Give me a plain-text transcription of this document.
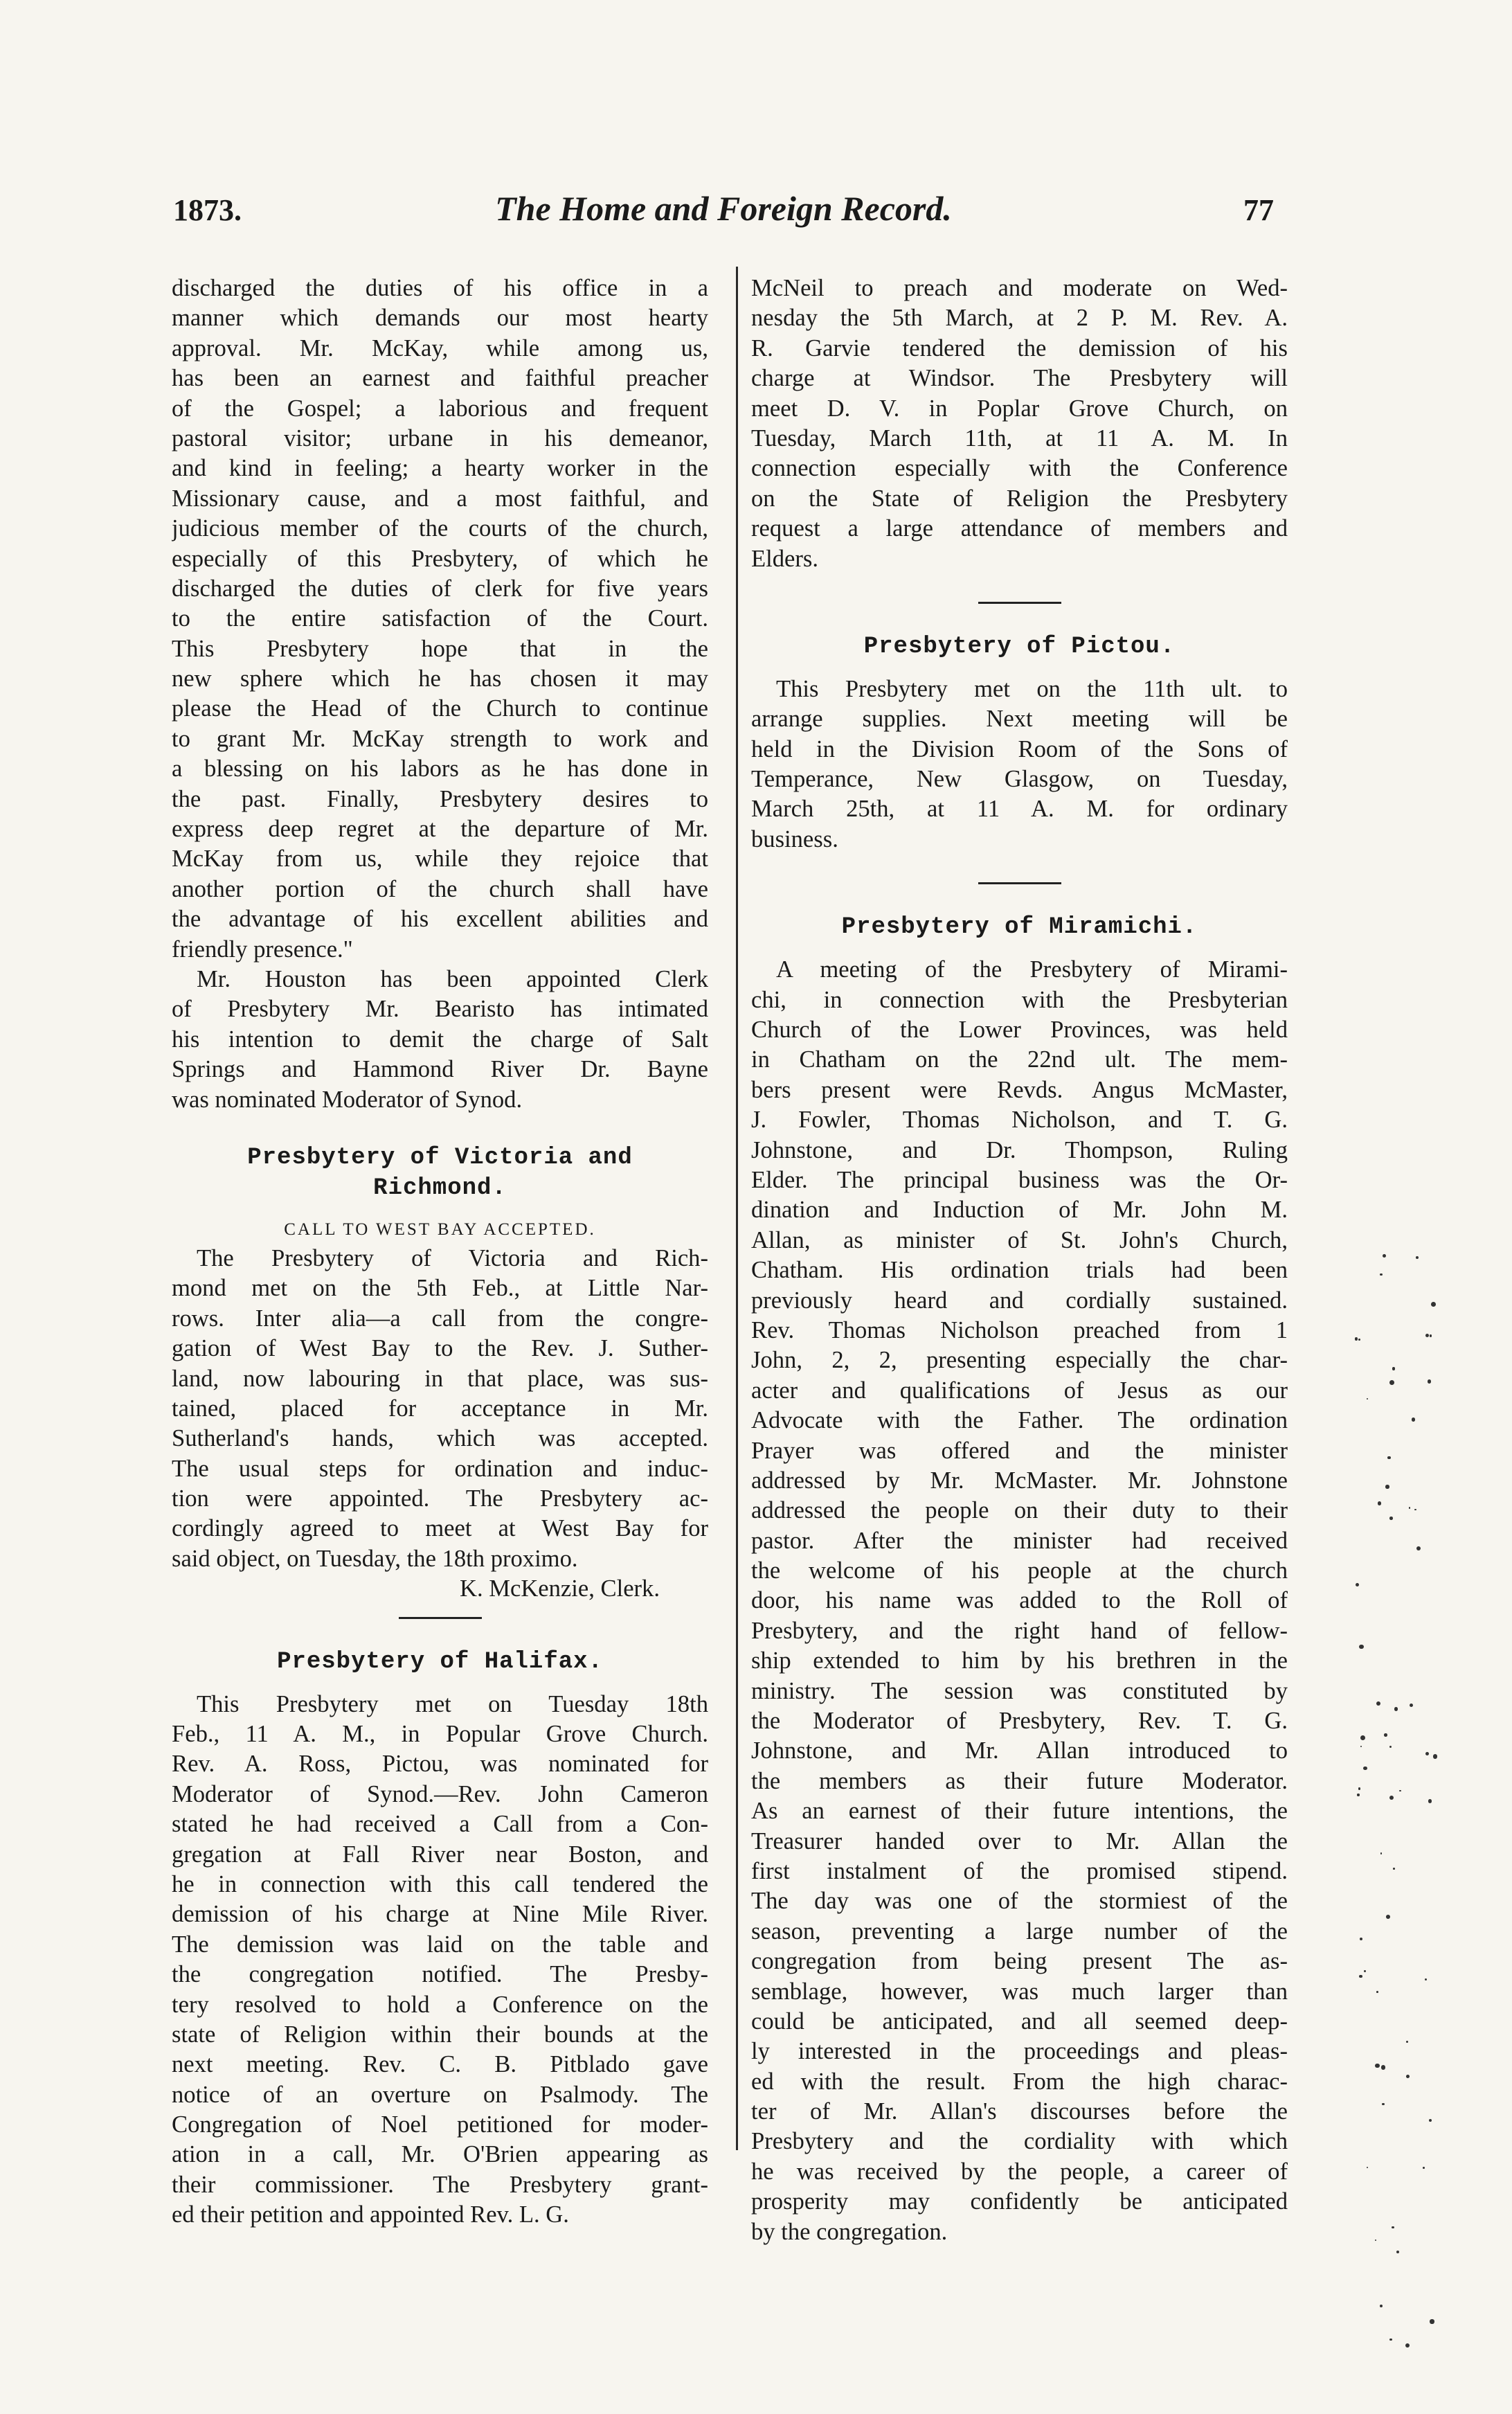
1873.	The Home and Foreign Record.	77
discharged the duties of his office in a
manner which demands our most hearty
approval. Mr. McKay, while among us,
has been an earnest and faithful preacher
of the Gospel; a laborious and frequent
pastoral visitor; urbane in his demeanor,
and kind in feeling; a hearty worker in the
Missionary cause, and a most faithful, and
judicious member of the courts of the church,
especially of this Presbytery, of which he
discharged the duties of clerk for five years
to the entire satisfaction of the Court.
This Presbytery hope that in the
new sphere which he has chosen it may
please the Head of the Church to continue
to grant Mr. McKay strength to work and
a blessing on his labors as he has done in
the past. Finally, Presbytery desires to
express deep regret at the departure of Mr.
McKay from us, while they rejoice that
another portion of the church shall have
the advantage of his excellent abilities and
friendly presence."
Mr. Houston has been appointed Clerk
of Presbytery Mr. Bearisto has intimated
his intention to demit the charge of Salt
Springs and Hammond River Dr. Bayne
was nominated Moderator of Synod.
Presbytery of Victoria and
Richmond.
CALL TO WEST BAY ACCEPTED.
The Presbytery of Victoria and Rich-
mond met on the 5th Feb., at Little Nar-
rows. Inter alia—a call from the congre-
gation of West Bay to the Rev. J. Suther-
land, now labouring in that place, was sus-
tained, placed for acceptance in Mr.
Sutherland's hands, which was accepted.
The usual steps for ordination and induc-
tion were appointed. The Presbytery ac-
cordingly agreed to meet at West Bay for
said object, on Tuesday, the 18th proximo.
K. McKenzie, Clerk.
Presbytery of Halifax.
This Presbytery met on Tuesday 18th
Feb., 11 A. M., in Popular Grove Church.
Rev. A. Ross, Pictou, was nominated for
Moderator of Synod.—Rev. John Cameron
stated he had received a Call from a Con-
gregation at Fall River near Boston, and
he in connection with this call tendered the
demission of his charge at Nine Mile River.
The demission was laid on the table and
the congregation notified. The Presby-
tery resolved to hold a Conference on the
state of Religion within their bounds at the
next meeting. Rev. C. B. Pitblado gave
notice of an overture on Psalmody. The
Congregation of Noel petitioned for moder-
ation in a call, Mr. O'Brien appearing as
their commissioner. The Presbytery grant-
ed their petition and appointed Rev. L. G.
McNeil to preach and moderate on Wed-
nesday the 5th March, at 2 P. M. Rev. A.
R. Garvie tendered the demission of his
charge at Windsor. The Presbytery will
meet D. V. in Poplar Grove Church, on
Tuesday, March 11th, at 11 A. M. In
connection especially with the Conference
on the State of Religion the Presbytery
request a large attendance of members and
Elders.
Presbytery of Pictou.
This Presbytery met on the 11th ult. to
arrange supplies. Next meeting will be
held in the Division Room of the Sons of
Temperance, New Glasgow, on Tuesday,
March 25th, at 11 A. M. for ordinary
business.
Presbytery of Miramichi.
A meeting of the Presbytery of Mirami-
chi, in connection with the Presbyterian
Church of the Lower Provinces, was held
in Chatham on the 22nd ult. The mem-
bers present were Revds. Angus McMaster,
J. Fowler, Thomas Nicholson, and T. G.
Johnstone, and Dr. Thompson, Ruling
Elder. The principal business was the Or-
dination and Induction of Mr. John M.
Allan, as minister of St. John's Church,
Chatham. His ordination trials had been
previously heard and cordially sustained.
Rev. Thomas Nicholson preached from 1
John, 2, 2, presenting especially the char-
acter and qualifications of Jesus as our
Advocate with the Father. The ordination
Prayer was offered and the minister
addressed by Mr. McMaster. Mr. Johnstone
addressed the people on their duty to their
pastor. After the minister had received
the welcome of his people at the church
door, his name was added to the Roll of
Presbytery, and the right hand of fellow-
ship extended to him by his brethren in the
ministry. The session was constituted by
the Moderator of Presbytery, Rev. T. G.
Johnstone, and Mr. Allan introduced to
the members as their future Moderator.
As an earnest of their future intentions, the
Treasurer handed over to Mr. Allan the
first instalment of the promised stipend.
The day was one of the stormiest of the
season, preventing a large number of the
congregation from being present The as-
semblage, however, was much larger than
could be anticipated, and all seemed deep-
ly interested in the proceedings and pleas-
ed with the result. From the high charac-
ter of Mr. Allan's discourses before the
Presbytery and the cordiality with which
he was received by the people, a career of
prosperity may confidently be anticipated
by the congregation.
